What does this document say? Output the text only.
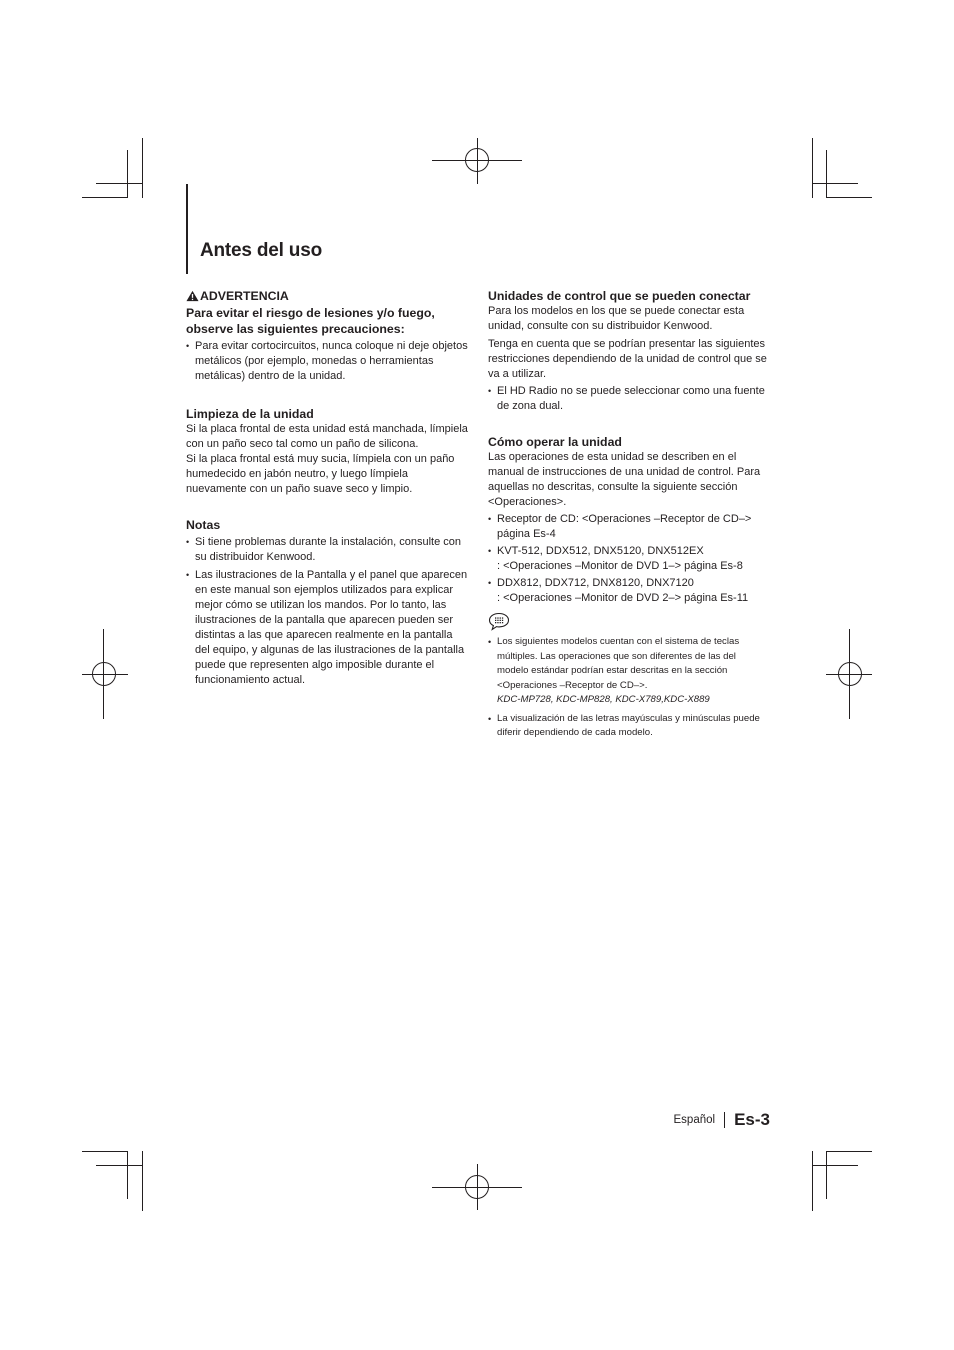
Antes del uso
ADVERTENCIA
Para evitar el riesgo de lesiones y/o fuego, observe las siguientes precauciones:
• Para evitar cortocircuitos, nunca coloque ni deje objetos metálicos (por ejemplo, monedas o herramientas metálicas) dentro de la unidad.
Limpieza de la unidad

Si la placa frontal de esta unidad está manchada, límpiela con un paño seco tal como un paño de silicona.

Si la placa frontal está muy sucia, límpiela con un paño humedecido en jabón neutro, y luego límpiela nuevamente con un paño suave seco y limpio.

Notas
• Si tiene problemas durante la instalación, consulte con su distribuidor Kenwood.
• Las ilustraciones de la Pantalla y el panel que aparecen en este manual son ejemplos utilizados para explicar mejor cómo se utilizan los mandos. Por lo tanto, las ilustraciones de la pantalla que aparecen pueden ser distintas a las que aparecen realmente en la pantalla del equipo, y algunas de las ilustraciones de la pantalla puede que representen algo imposible durante el funcionamiento actual.
Unidades de control que se pueden conectar

Para los modelos en los que se puede conectar esta unidad, consulte con su distribuidor Kenwood.

Tenga en cuenta que se podrían presentar las siguientes restricciones dependiendo de la unidad de control que se va a utilizar.

• El HD Radio no se puede seleccionar como una fuente de zona dual.
Cómo operar la unidad

Las operaciones de esta unidad se describen en el manual de instrucciones de una unidad de control. Para aquellas no descritas, consulte la siguiente sección <Operaciones>.

• Receptor de CD: <Operaciones –Receptor de CD–>
página Es-4
• KVT-512, DDX512, DNX5120, DNX512EX
: <Operaciones –Monitor de DVD 1–> página Es-8
• DDX812, DDX712, DNX8120, DNX7120
: <Operaciones –Monitor de DVD 2–> página Es-11
• Los siguientes modelos cuentan con el sistema de teclas múltiples. Las operaciones que son diferentes de las del modelo estándar podrían estar descritas en la sección <Operaciones –Receptor de CD–>.
KDC-MP728, KDC-MP828, KDC-X789,KDC-X889
• La visualización de las letras mayúsculas y minúsculas puede diferir dependiendo de cada modelo.
Español Es-3
